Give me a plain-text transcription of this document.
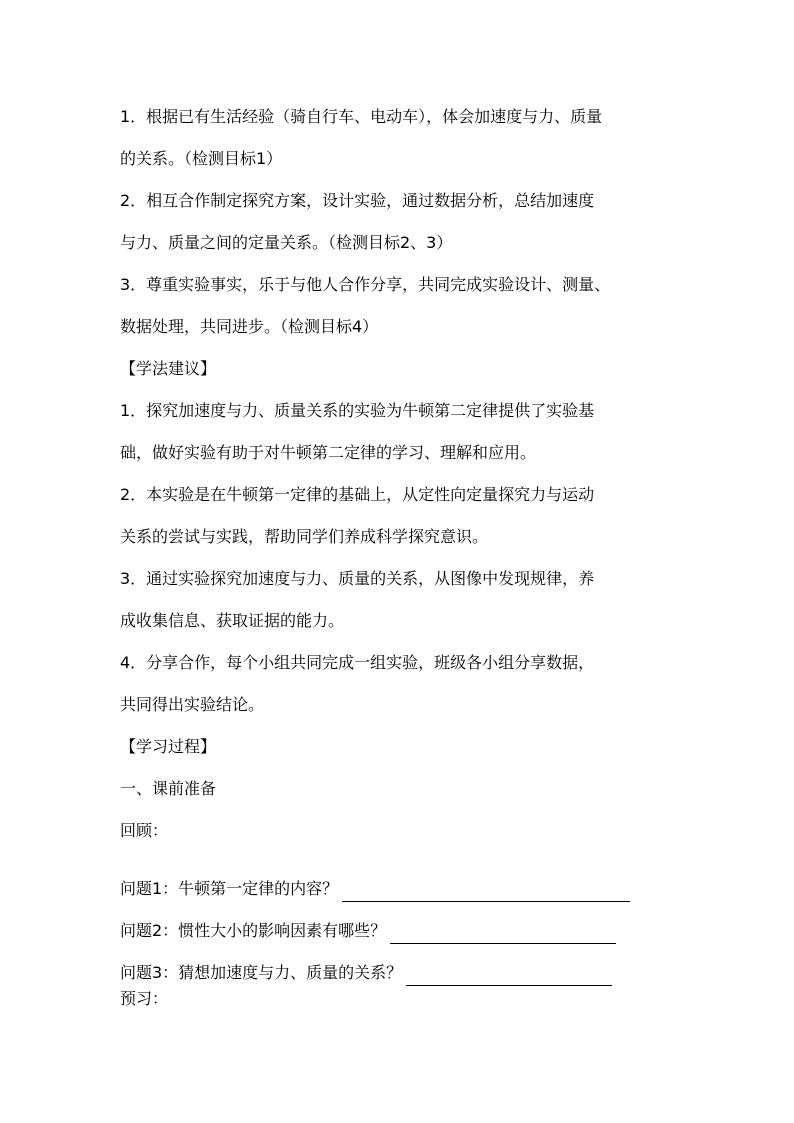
1．根据已有生活经验（骑自行车、电动车），体会加速度与力、质量
的关系。（检测目标1）
2．相互合作制定探究方案，设计实验，通过数据分析，总结加速度
与力、质量之间的定量关系。（检测目标2、3）
3．尊重实验事实，乐于与他人合作分享，共同完成实验设计、测量、
数据处理，共同进步。（检测目标4）
【学法建议】
1．探究加速度与力、质量关系的实验为牛顿第二定律提供了实验基
础，做好实验有助于对牛顿第二定律的学习、理解和应用。
2．本实验是在牛顿第一定律的基础上，从定性向定量探究力与运动
关系的尝试与实践，帮助同学们养成科学探究意识。
3．通过实验探究加速度与力、质量的关系，从图像中发现规律，养
成收集信息、获取证据的能力。
4．分享合作，每个小组共同完成一组实验，班级各小组分享数据，
共同得出实验结论。
【学习过程】
一、课前准备
回顾：
问题1：牛顿第一定律的内容？
问题2：惯性大小的影响因素有哪些？
问题3：猜想加速度与力、质量的关系？
预习：
